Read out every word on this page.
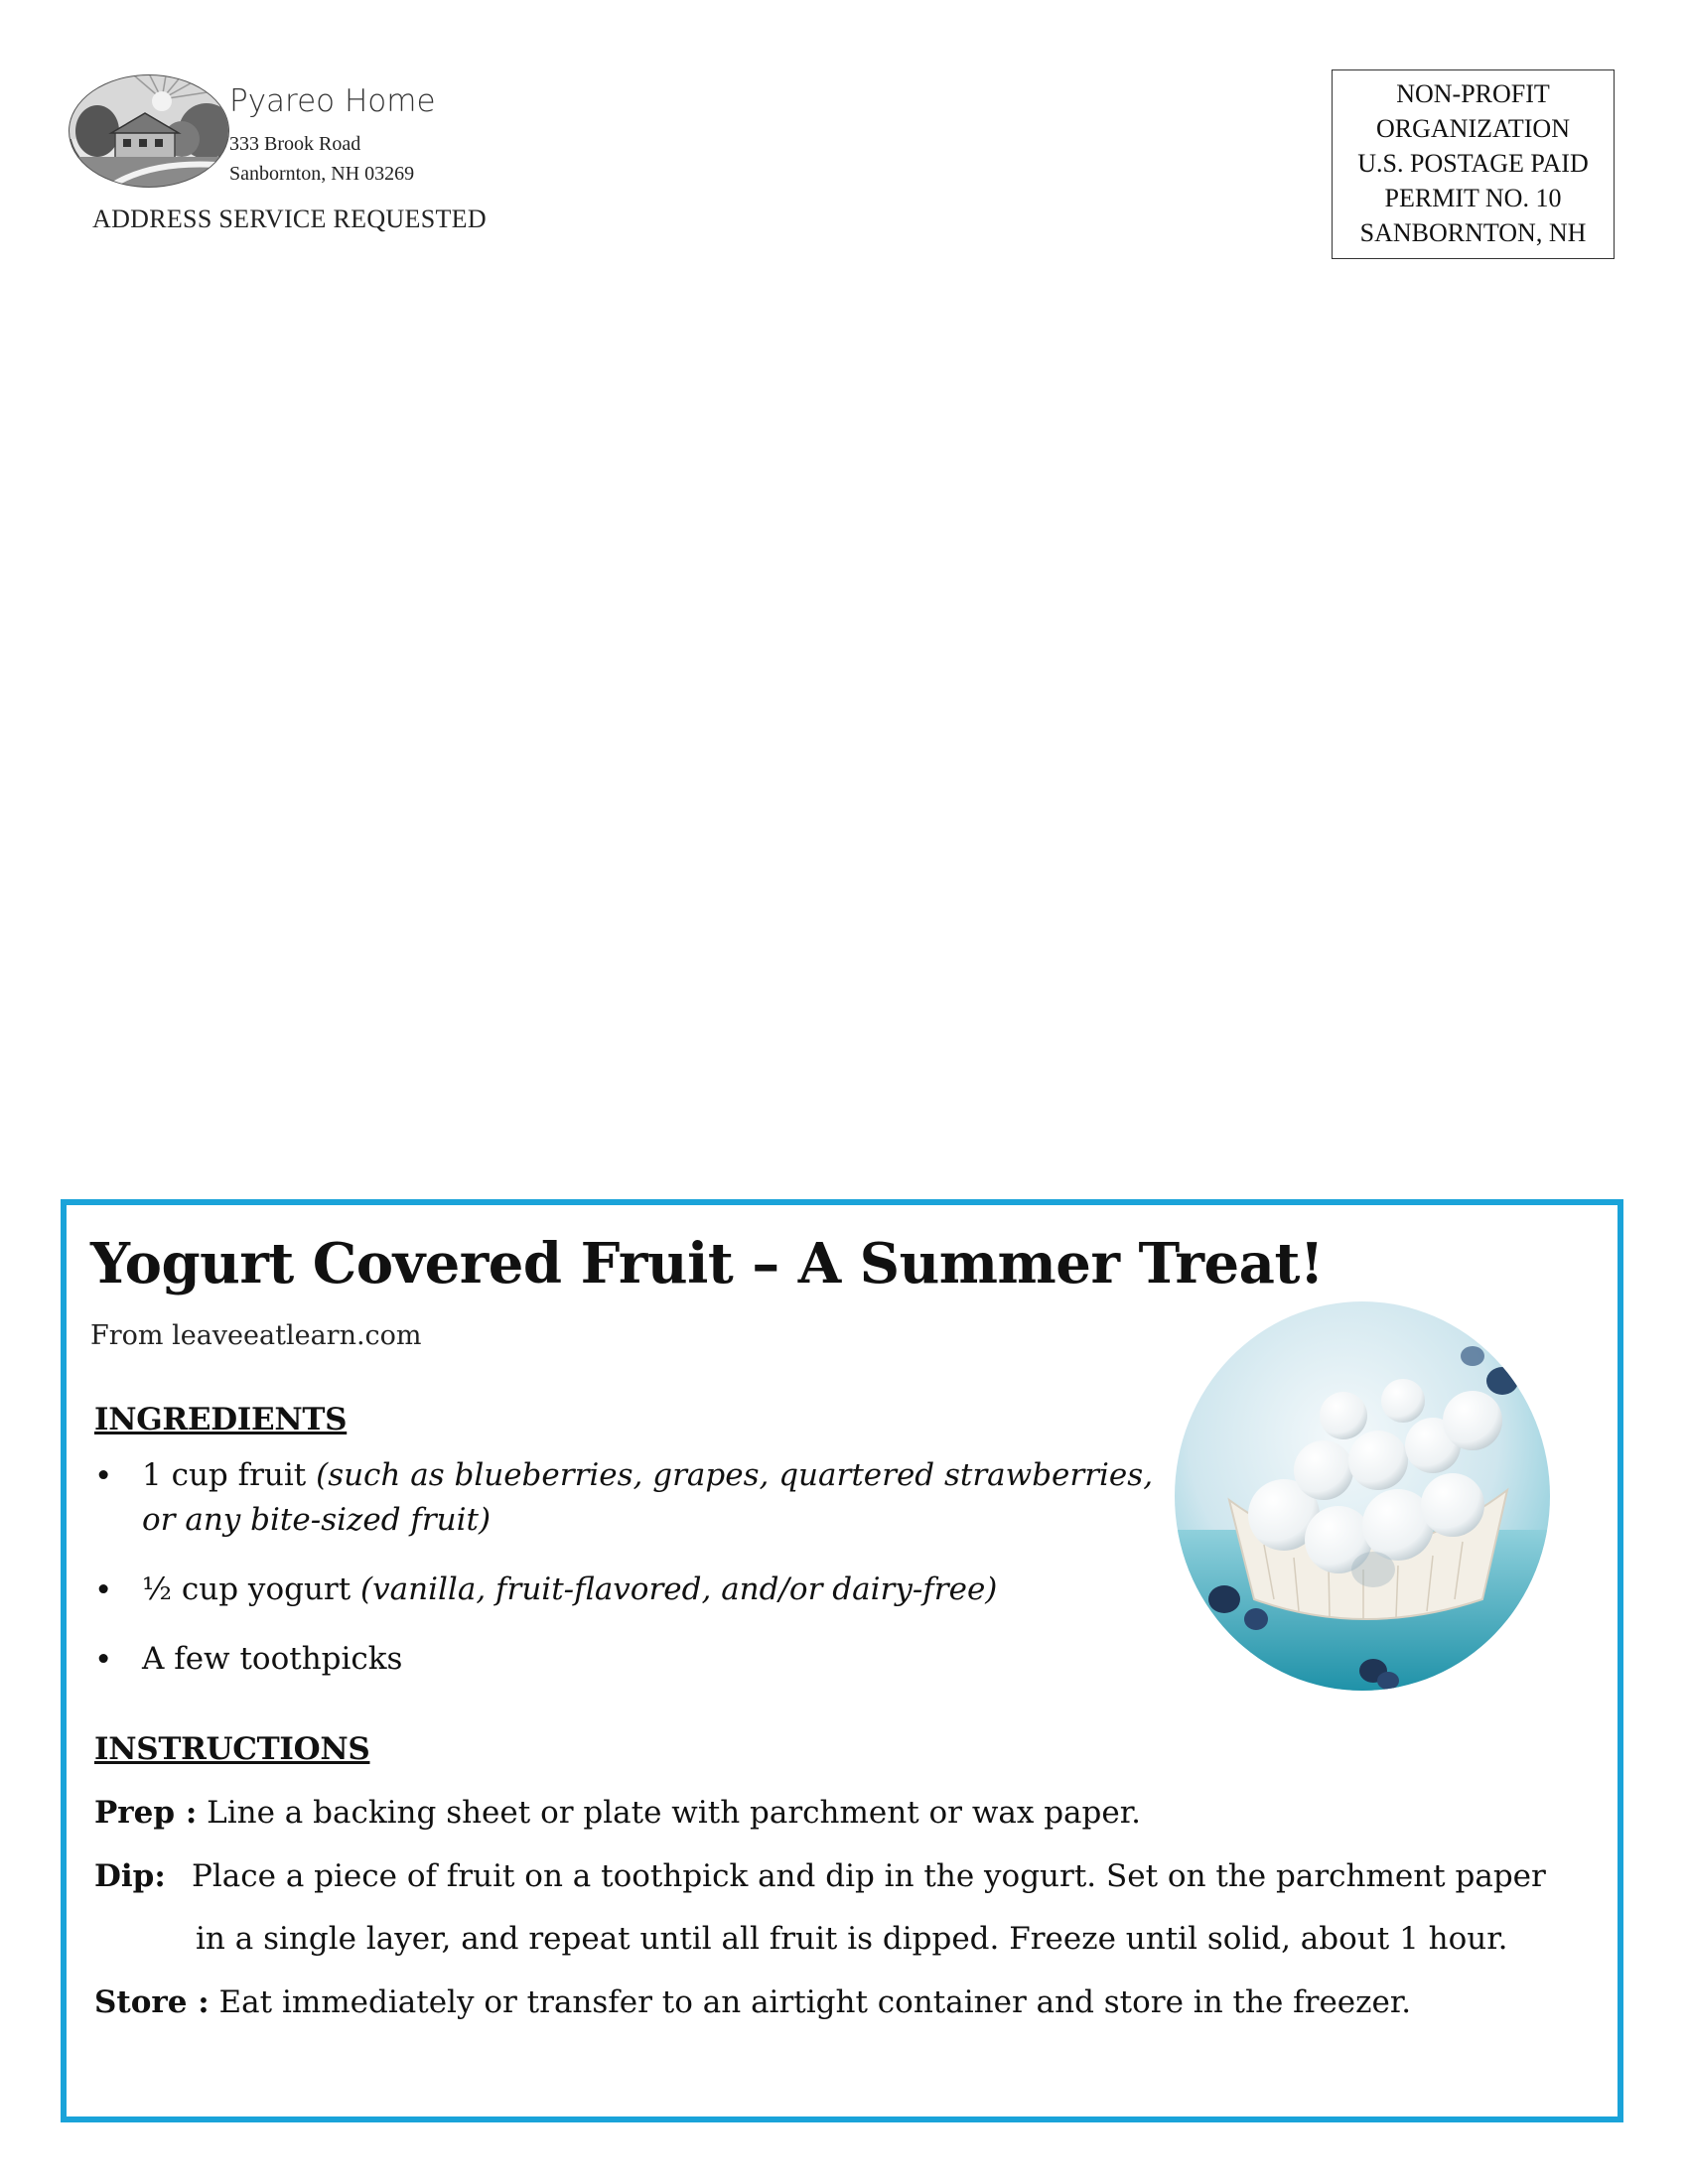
Pyareo Home
333 Brook Road
Sanbornton, NH 03269
ADDRESS SERVICE REQUESTED
NON-PROFIT
ORGANIZATION
U.S. POSTAGE PAID
PERMIT NO. 10
SANBORNTON, NH
Yogurt Covered Fruit – A Summer Treat!
From leaveeatlearn.com
INGREDIENTS
• 1 cup fruit (such as blueberries, grapes, quartered strawberries, or any bite-sized fruit)
• ½ cup yogurt (vanilla, fruit-flavored, and/or dairy-free)
• A few toothpicks
INSTRUCTIONS
Prep : Line a backing sheet or plate with parchment or wax paper.
Dip: Place a piece of fruit on a toothpick and dip in the yogurt. Set on the parchment paper
in a single layer, and repeat until all fruit is dipped. Freeze until solid, about 1 hour.
Store : Eat immediately or transfer to an airtight container and store in the freezer.
